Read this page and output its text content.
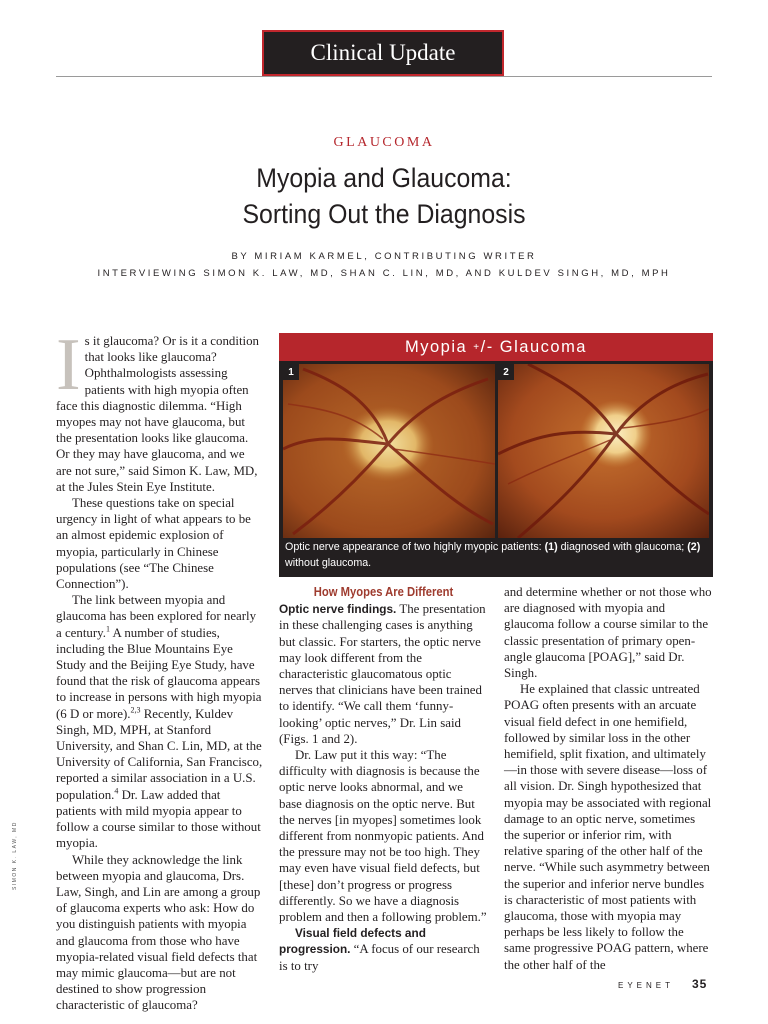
Clinical Update
GLAUCOMA
Myopia and Glaucoma:
Sorting Out the Diagnosis
BY MIRIAM KARMEL, CONTRIBUTING WRITER
INTERVIEWING SIMON K. LAW, MD, SHAN C. LIN, MD, AND KULDEV SINGH, MD, MPH
SIMON K. LAW, MD

Is it glaucoma? Or is it a condition that looks like glaucoma? Ophthalmologists assessing patients with high myopia often face this diagnostic dilemma. “High myopes may not have glaucoma, but the presentation looks like glaucoma. Or they may have glaucoma, and we are not sure,” said Simon K. Law, MD, at the Jules Stein Eye Institute.

These questions take on special urgency in light of what appears to be an almost epidemic explosion of myopia, particularly in Chinese populations (see “The Chinese Connection”).

The link between myopia and glaucoma has been explored for nearly a century.$^1$ A number of studies, including the Blue Mountains Eye Study and the Beijing Eye Study, have found that the risk of glaucoma appears to increase in persons with high myopia (6 D or more).$^{2,3}$ Recently, Kuldev Singh, MD, MPH, at Stanford University, and Shan C. Lin, MD, at the University of California, San Francisco, reported a similar association in a U.S. population.$^4$ Dr. Law added that patients with mild myopia appear to follow a course similar to those without myopia.

While they acknowledge the link between myopia and glaucoma, Drs. Law, Singh, and Lin are among a group of glaucoma experts who ask: How do you distinguish patients with myopia and glaucoma from those who have myopia-related visual field defects that may mimic glaucoma—but are not destined to show progression characteristic of glaucoma?

Myopia
+ /- Glaucoma
1	2
Optic nerve appearance of two highly myopic patients: (1) diagnosed with glaucoma; (2) without glaucoma.
How Myopes Are Different

Optic nerve findings. The presentation in these challenging cases is anything but classic. For starters, the optic nerve may look different from the characteristic glaucomatous optic nerves that clinicians have been trained to identify. “We call them ‘funny-looking’ optic nerves,” Dr. Lin said (Figs. 1 and 2).

Dr. Law put it this way: “The difficulty with diagnosis is because the optic nerve looks abnormal, and we base diagnosis on the optic nerve. But the nerves [in myopes] sometimes look different from nonmyopic patients. And the pressure may not be too high. They may even have visual field defects, but [these] don’t progress or progress differently. So we have a diagnosis problem and then a following problem.”

Visual field defects and progression. “A focus of our research is to try

and determine whether or not those who are diagnosed with myopia and glaucoma follow a course similar to the classic presentation of primary open-angle glaucoma [POAG],” said Dr. Singh.

He explained that classic untreated POAG often presents with an arcuate visual field defect in one hemifield, followed by similar loss in the other hemifield, split fixation, and ultimately—in those with severe disease—loss of all vision. Dr. Singh hypothesized that myopia may be associated with regional damage to an optic nerve, sometimes the superior or inferior rim, with relative sparing of the other half of the nerve. “While such asymmetry between the superior and inferior nerve bundles is characteristic of most patients with glaucoma, those with myopia may perhaps be less likely to follow the same progressive POAG pattern, where the other half of the

EYENET 35
